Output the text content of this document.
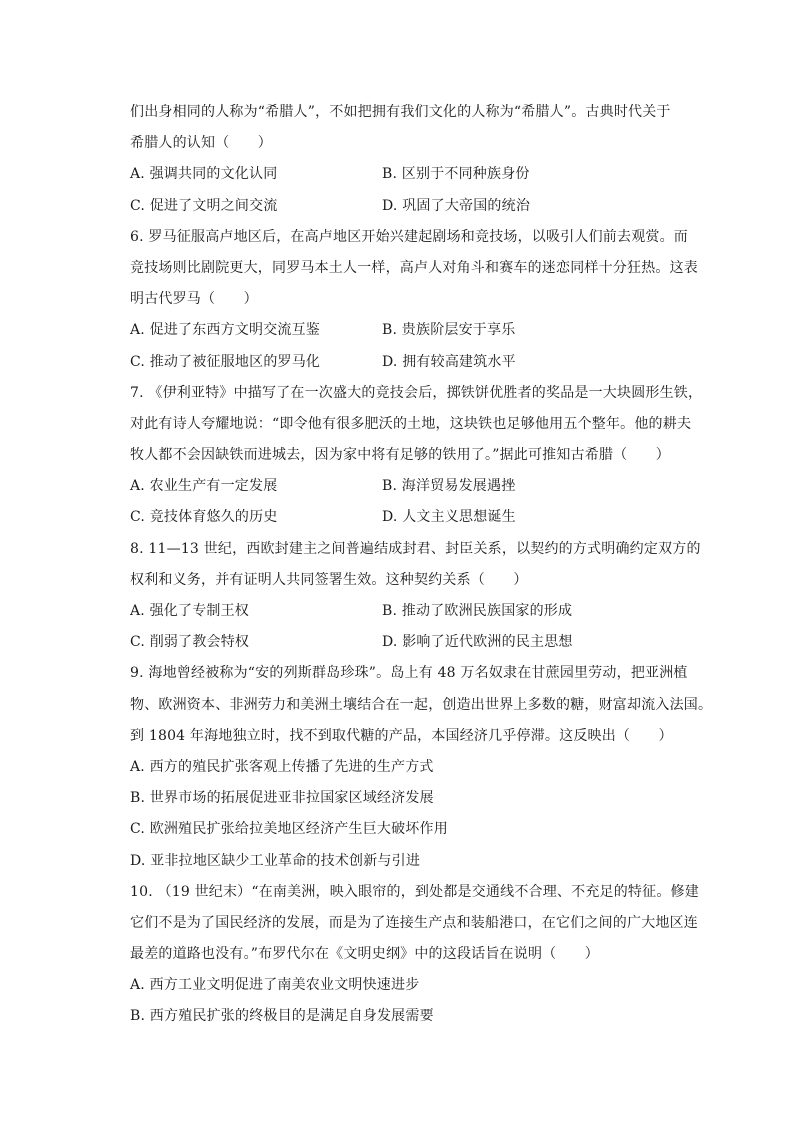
们出身相同的人称为“希腊人”，不如把拥有我们文化的人称为“希腊人”。古典时代关于
希腊人的认知（　　）
A. 强调共同的文化认同	B. 区别于不同种族身份
C. 促进了文明之间交流	D. 巩固了大帝国的统治
6. 罗马征服高卢地区后，在高卢地区开始兴建起剧场和竞技场，以吸引人们前去观赏。而
竞技场则比剧院更大，同罗马本土人一样，高卢人对角斗和赛车的迷恋同样十分狂热。这表
明古代罗马（　　）
A. 促进了东西方文明交流互鉴	B. 贵族阶层安于享乐
C. 推动了被征服地区的罗马化	D. 拥有较高建筑水平
7. 《伊利亚特》中描写了在一次盛大的竞技会后，掷铁饼优胜者的奖品是一大块圆形生铁，
对此有诗人夸耀地说：“即令他有很多肥沃的土地，这块铁也足够他用五个整年。他的耕夫
牧人都不会因缺铁而进城去，因为家中将有足够的铁用了。”据此可推知古希腊（　　）
A. 农业生产有一定发展	B. 海洋贸易发展遇挫
C. 竞技体育悠久的历史	D. 人文主义思想诞生
8. 11—13 世纪，西欧封建主之间普遍结成封君、封臣关系，以契约的方式明确约定双方的
权利和义务，并有证明人共同签署生效。这种契约关系（　　）
A. 强化了专制王权	B. 推动了欧洲民族国家的形成
C. 削弱了教会特权	D. 影响了近代欧洲的民主思想
9. 海地曾经被称为“安的列斯群岛珍珠”。岛上有 48 万名奴隶在甘蔗园里劳动，把亚洲植
物、欧洲资本、非洲劳力和美洲土壤结合在一起，创造出世界上多数的糖，财富却流入法国。
到 1804 年海地独立时，找不到取代糖的产品，本国经济几乎停滞。这反映出（　　）
A. 西方的殖民扩张客观上传播了先进的生产方式
B. 世界市场的拓展促进亚非拉国家区域经济发展
C. 欧洲殖民扩张给拉美地区经济产生巨大破坏作用
D. 亚非拉地区缺少工业革命的技术创新与引进
10. （19 世纪末）“在南美洲，映入眼帘的，到处都是交通线不合理、不充足的特征。修建
它们不是为了国民经济的发展，而是为了连接生产点和装船港口，在它们之间的广大地区连
最差的道路也没有。”布罗代尔在《文明史纲》中的这段话旨在说明（　　）
A. 西方工业文明促进了南美农业文明快速进步
B. 西方殖民扩张的终极目的是满足自身发展需要
